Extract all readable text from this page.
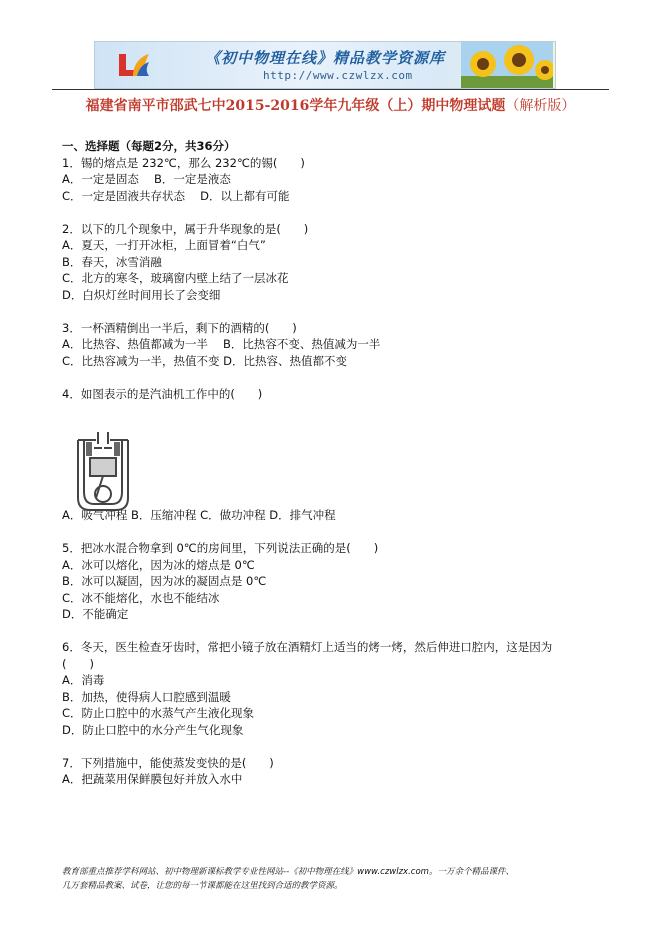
《初中物理在线》精品教学资源库
http://www.czwlzx.com
福建省南平市邵武七中2015-2016学年九年级（上）期中物理试题（解析版）
一、选择题（每题2分，共36分）
1．锡的熔点是 232℃，那么 232℃的锡(　　)
A．一定是固态　 B．一定是液态
C．一定是固液共存状态　 D．以上都有可能
2．以下的几个现象中，属于升华现象的是(　　)
A．夏天，一打开冰柜，上面冒着“白气”
B．春天，冰雪消融
C．北方的寒冬，玻璃窗内壁上结了一层冰花
D．白炽灯丝时间用长了会变细
3．一杯酒精倒出一半后，剩下的酒精的(　　)
A．比热容、热值都减为一半　 B．比热容不变、热值减为一半
C．比热容减为一半，热值不变 D．比热容、热值都不变
4．如图表示的是汽油机工作中的(　　)
A．吸气冲程 B．压缩冲程 C．做功冲程 D．排气冲程
5．把冰水混合物拿到 0℃的房间里，下列说法正确的是(　　)
A．冰可以熔化，因为冰的熔点是 0℃
B．冰可以凝固，因为冰的凝固点是 0℃
C．冰不能熔化，水也不能结冰
D．不能确定
6．冬天，医生检查牙齿时，常把小镜子放在酒精灯上适当的烤一烤，然后伸进口腔内，这是因为
(　　)
A．消毒
B．加热，使得病人口腔感到温暖
C．防止口腔中的水蒸气产生液化现象
D．防止口腔中的水分产生气化现象
7．下列措施中，能使蒸发变快的是(　　)
A．把蔬菜用保鲜膜包好并放入水中
教育部重点推荐学科网站、初中物理新课标教学专业性网站--《初中物理在线》www.czwlzx.com。一万余个精品课件、
几万套精品教案、试卷，让您的每一节课都能在这里找到合适的教学资源。
